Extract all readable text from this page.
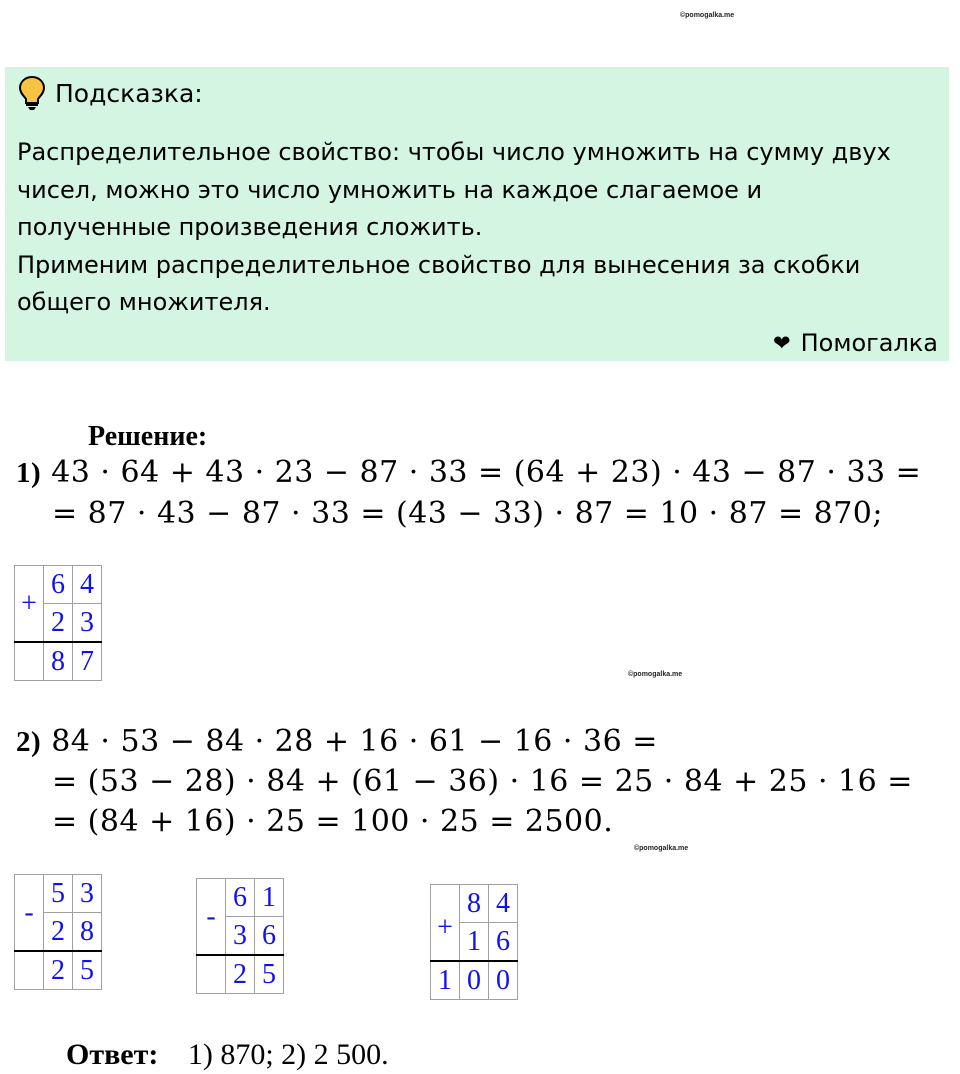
©pomogalka.me
Подсказка:

Распределительное свойство: чтобы число умножить на сумму двух

чисел, можно это число умножить на каждое слагаемое и

полученные произведения сложить.

Применим распределительное свойство для вынесения за скобки

общего множителя.

❤ Помогалка
Решение:
1) 43 · 64 + 43 · 23 − 87 · 33 = (64 + 23) · 43 − 87 · 33 =
= 87 · 43 − 87 · 33 = (43 − 33) · 87 = 10 · 87 = 870;
+	6	4
	2	3
	8	7	©pomogalka.me
2) 84 · 53 − 84 · 28 + 16 · 61 − 16 · 36 =
= (53 − 28) · 84 + (61 − 36) · 16 = 25 · 84 + 25 · 16 =
= (84 + 16) · 25 = 100 · 25 = 2500.
©pomogalka.me
-	5	3
	2	8
	2	5
-	6	1
	3	6
	2	5
	8	4
+	1	6
1	0	0
Ответ: 1) 870; 2) 2 500.
